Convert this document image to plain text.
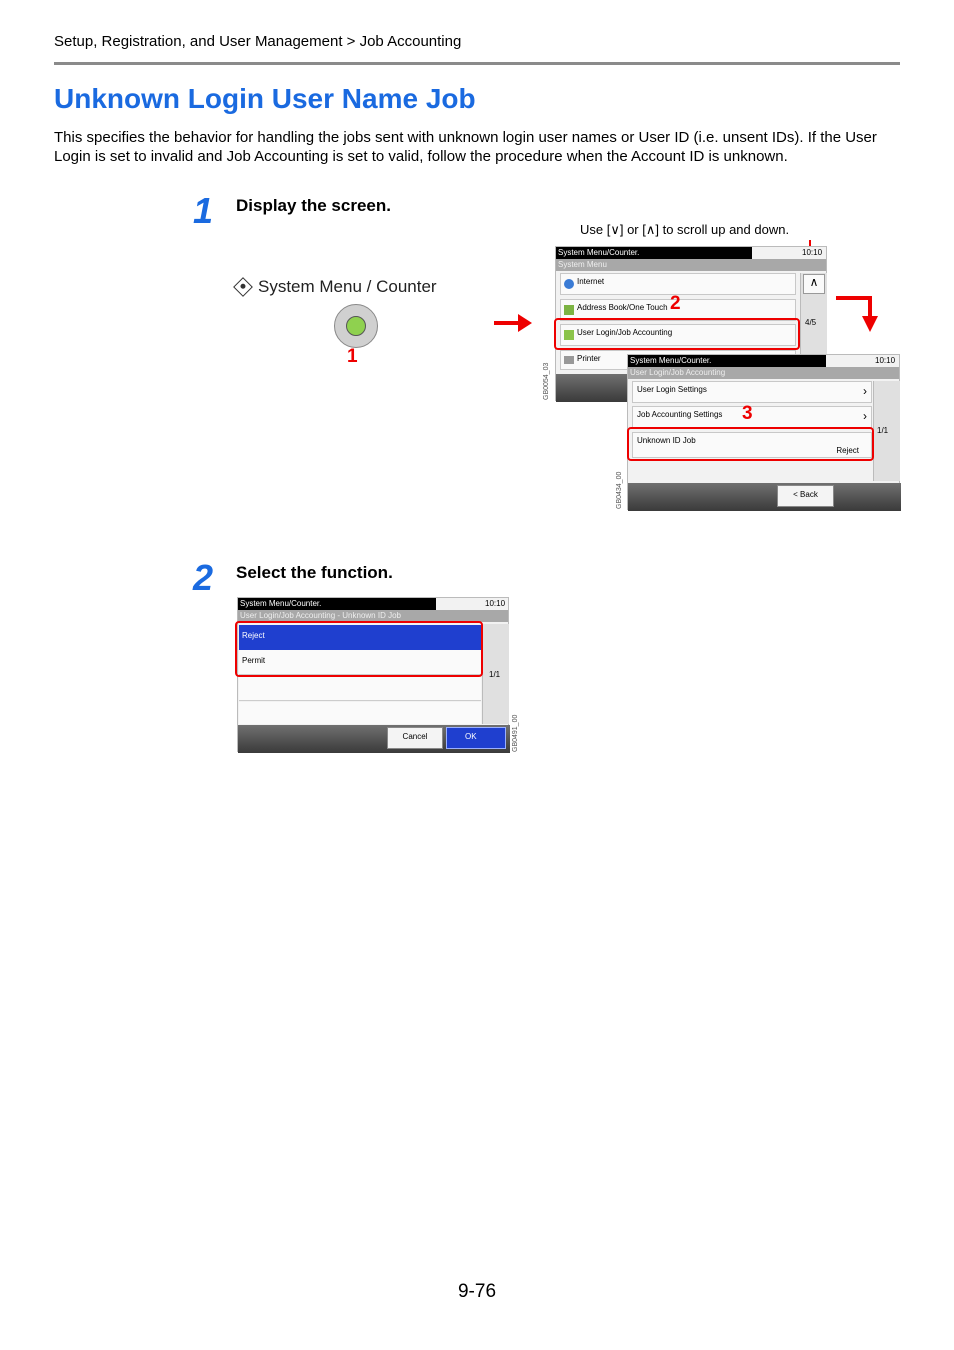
Setup, Registration, and User Management > Job Accounting
Unknown Login User Name Job
This specifies the behavior for handling the jobs sent with unknown login user names or User ID (i.e. unsent IDs). If the User Login is set to invalid and Job Accounting is set to valid, follow the procedure when the Account ID is unknown.
1 Display the screen.
System Menu / Counter
1
Use [∨] or [∧] to scroll up and down.
System Menu/Counter.	10:10
System Menu
Internet
Address Book/One Touch
User Login/Job Accounting
Printer
∧
4/5
2
GB0054_03
System Menu/Counter.	10:10
User Login/Job Accounting
User Login Settings	›
Job Accounting Settings	›
Unknown ID Job
Reject
1/1
< Back
3
GB0434_00
2 Select the function.
System Menu/Counter.	10:10
User Login/Job Accounting - Unknown ID Job
Reject
Permit
1/1
Cancel	OK	GB0491_00
9-76
